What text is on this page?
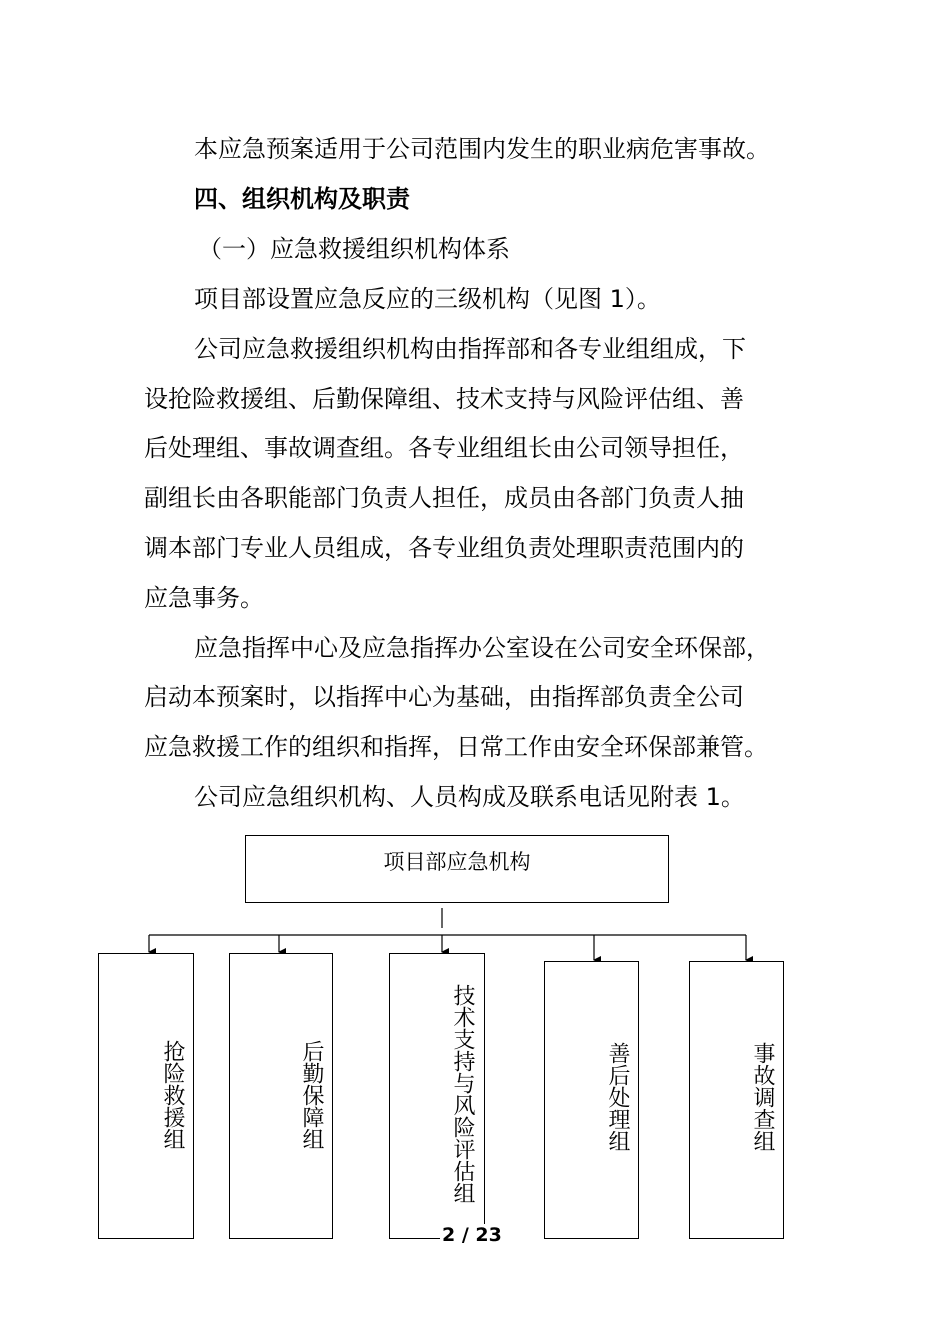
本应急预案适用于公司范围内发生的职业病危害事故。
四、组织机构及职责
（一）应急救援组织机构体系
项目部设置应急反应的三级机构（见图 1）。
公司应急救援组织机构由指挥部和各专业组组成，下
设抢险救援组、后勤保障组、技术支持与风险评估组、善
后处理组、事故调查组。各专业组组长由公司领导担任，
副组长由各职能部门负责人担任，成员由各部门负责人抽
调本部门专业人员组成，各专业组负责处理职责范围内的
应急事务。
应急指挥中心及应急指挥办公室设在公司安全环保部，
启动本预案时，以指挥中心为基础，由指挥部负责全公司
应急救援工作的组织和指挥，日常工作由安全环保部兼管。
公司应急组织机构、人员构成及联系电话见附表 1。
项目部应急机构
抢险救援组	后勤保障组	技术支持与风险评估组	善后处理组	事故调查组
2 / 23
